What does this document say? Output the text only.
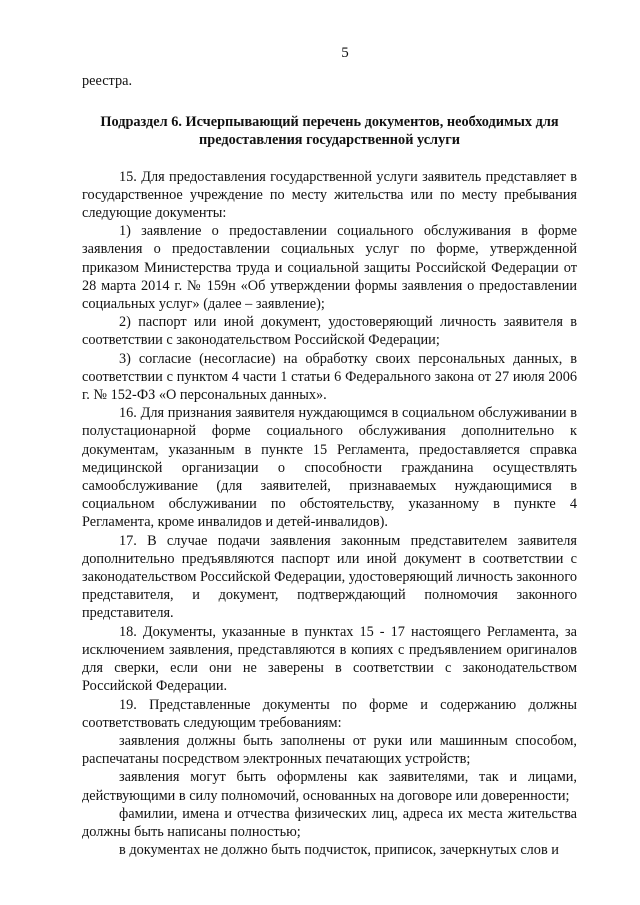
5

реестра.

Подраздел 6. Исчерпывающий перечень документов, необходимых для предоставления государственной услуги

15. Для предоставления государственной услуги заявитель представляет в государственное учреждение по месту жительства или по месту пребывания следующие документы:

1) заявление о предоставлении социального обслуживания в форме заявления о предоставлении социальных услуг по форме, утвержденной приказом Министерства труда и социальной защиты Российской Федерации от 28 марта 2014 г. № 159н «Об утверждении формы заявления о предоставлении социальных услуг» (далее – заявление);

2) паспорт или иной документ, удостоверяющий личность заявителя в соответствии с законодательством Российской Федерации;

3) согласие (несогласие) на обработку своих персональных данных, в соответствии с пунктом 4 части 1 статьи 6 Федерального закона от 27 июля 2006 г. № 152-ФЗ «О персональных данных».

16. Для признания заявителя нуждающимся в социальном обслуживании в полустационарной форме социального обслуживания дополнительно к документам, указанным в пункте 15 Регламента, предоставляется справка медицинской организации о способности гражданина осуществлять самообслуживание (для заявителей, признаваемых нуждающимися в социальном обслуживании по обстоятельству, указанному в пункте 4 Регламента, кроме инвалидов и детей-инвалидов).

17. В случае подачи заявления законным представителем заявителя дополнительно предъявляются паспорт или иной документ в соответствии с законодательством Российской Федерации, удостоверяющий личность законного представителя, и документ, подтверждающий полномочия законного представителя.

18. Документы, указанные в пунктах 15 - 17 настоящего Регламента, за исключением заявления, представляются в копиях с предъявлением оригиналов для сверки, если они не заверены в соответствии с законодательством Российской Федерации.

19. Представленные документы по форме и содержанию должны соответствовать следующим требованиям:

заявления должны быть заполнены от руки или машинным способом, распечатаны посредством электронных печатающих устройств;

заявления могут быть оформлены как заявителями, так и лицами, действующими в силу полномочий, основанных на договоре или доверенности;

фамилии, имена и отчества физических лиц, адреса их места жительства должны быть написаны полностью;

в документах не должно быть подчисток, приписок, зачеркнутых слов и
